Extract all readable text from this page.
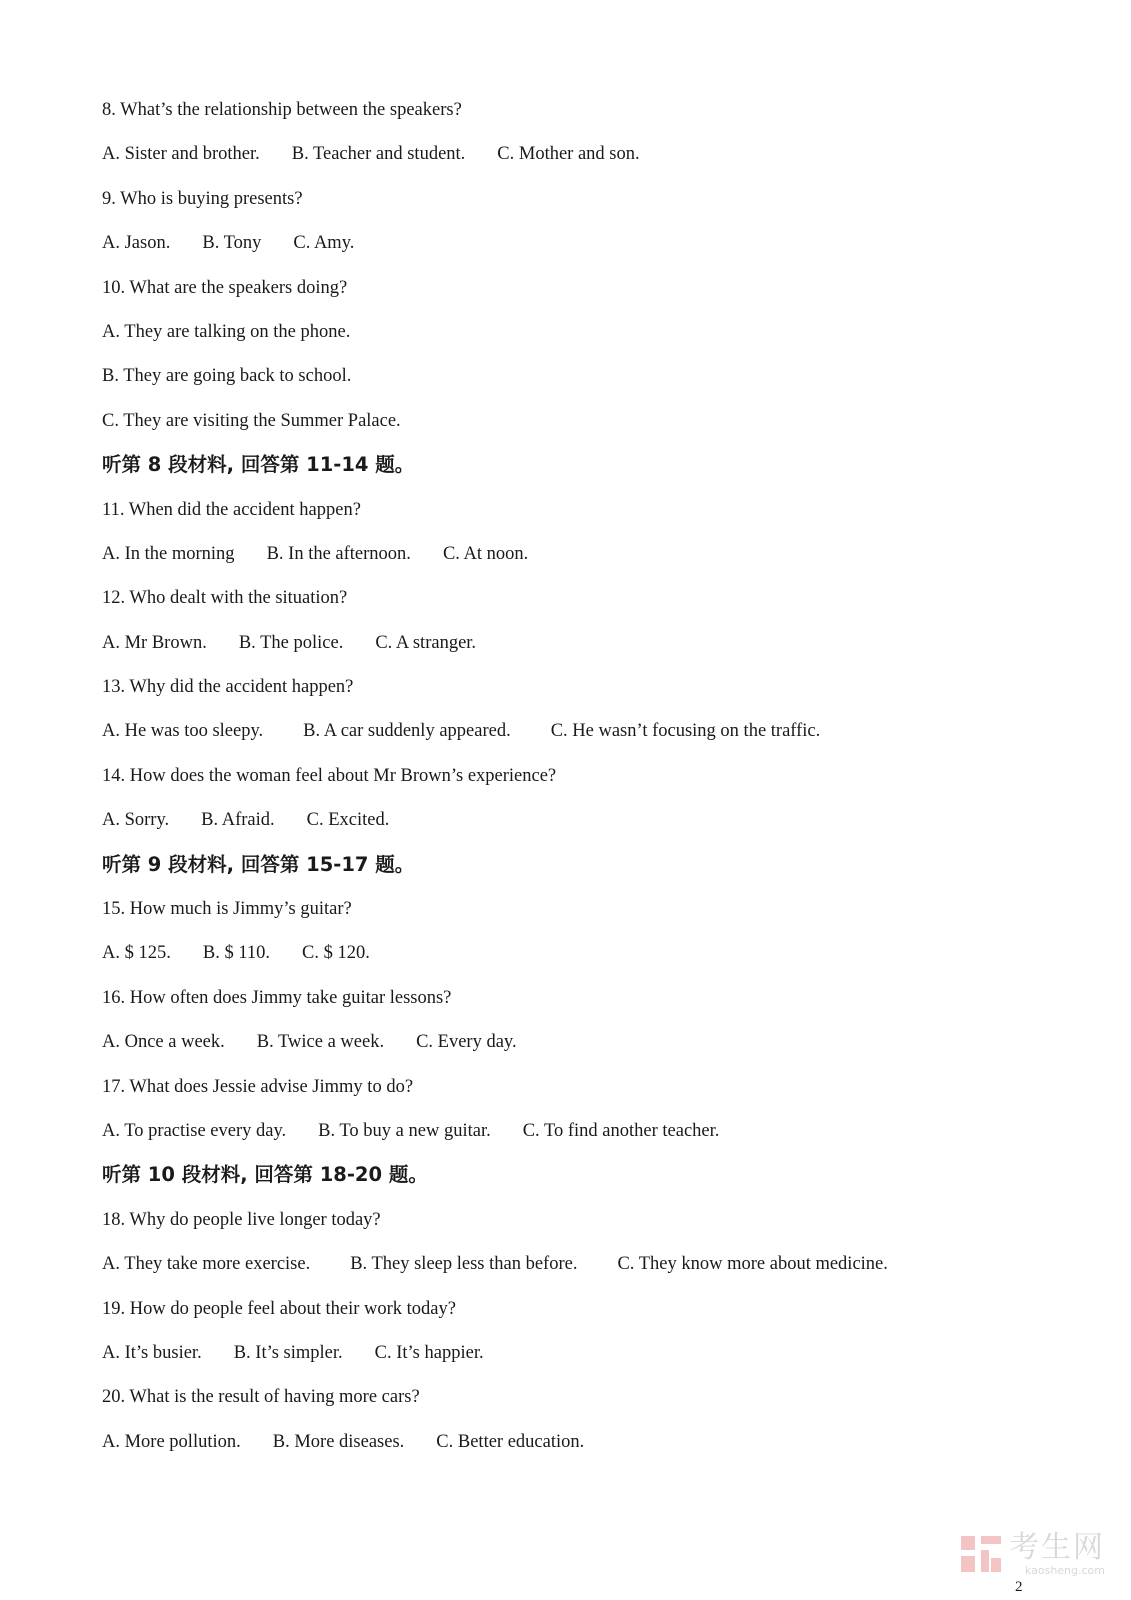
8. What’s the relationship between the speakers?
A. Sister and brother. B. Teacher and student. C. Mother and son.
9. Who is buying presents?
A. Jason. B. Tony C. Amy.
10. What are the speakers doing?
A. They are talking on the phone.
B. They are going back to school.
C. They are visiting the Summer Palace.
听第 8 段材料, 回答第 11-14 题。
11. When did the accident happen?
A. In the morning B. In the afternoon. C. At noon.
12. Who dealt with the situation?
A. Mr Brown. B. The police. C. A stranger.
13. Why did the accident happen?
A. He was too sleepy. B. A car suddenly appeared. C. He wasn’t focusing on the traffic.
14. How does the woman feel about Mr Brown’s experience?
A. Sorry. B. Afraid. C. Excited.
听第 9 段材料, 回答第 15-17 题。
15. How much is Jimmy’s guitar?
A. $ 125. B. $ 110. C. $ 120.
16. How often does Jimmy take guitar lessons?
A. Once a week. B. Twice a week. C. Every day.
17. What does Jessie advise Jimmy to do?
A. To practise every day. B. To buy a new guitar. C. To find another teacher.
听第 10 段材料, 回答第 18-20 题。
18. Why do people live longer today?
A. They take more exercise. B. They sleep less than before. C. They know more about medicine.
19. How do people feel about their work today?
A. It’s busier. B. It’s simpler. C. It’s happier.
20. What is the result of having more cars?
A. More pollution. B. More diseases. C. Better education.
考生网
kaosheng.com
2
